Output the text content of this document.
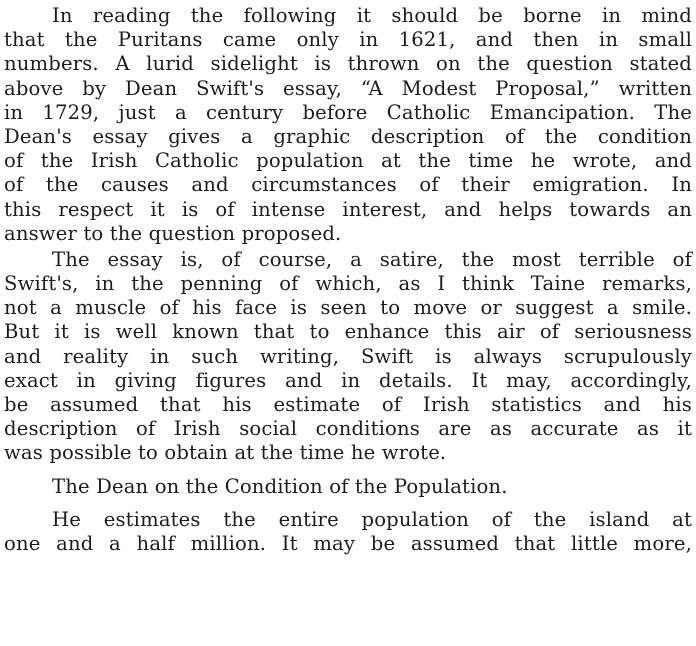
In reading the following it should be borne in mind
that the Puritans came only in 1621, and then in small
numbers. A lurid sidelight is thrown on the question stated
above by Dean Swift's essay, “A Modest Proposal,” written
in 1729, just a century before Catholic Emancipation. The
Dean's essay gives a graphic description of the condition
of the Irish Catholic population at the time he wrote, and
of the causes and circumstances of their emigration. In
this respect it is of intense interest, and helps towards an
answer to the question proposed.
The essay is, of course, a satire, the most terrible of
Swift's, in the penning of which, as I think Taine remarks,
not a muscle of his face is seen to move or suggest a smile.
But it is well known that to enhance this air of seriousness
and reality in such writing, Swift is always scrupulously
exact in giving figures and in details. It may, accordingly,
be assumed that his estimate of Irish statistics and his
description of Irish social conditions are as accurate as it
was possible to obtain at the time he wrote.
The Dean on the Condition of the Population.
He estimates the entire population of the island at
one and a half million. It may be assumed that little more,
